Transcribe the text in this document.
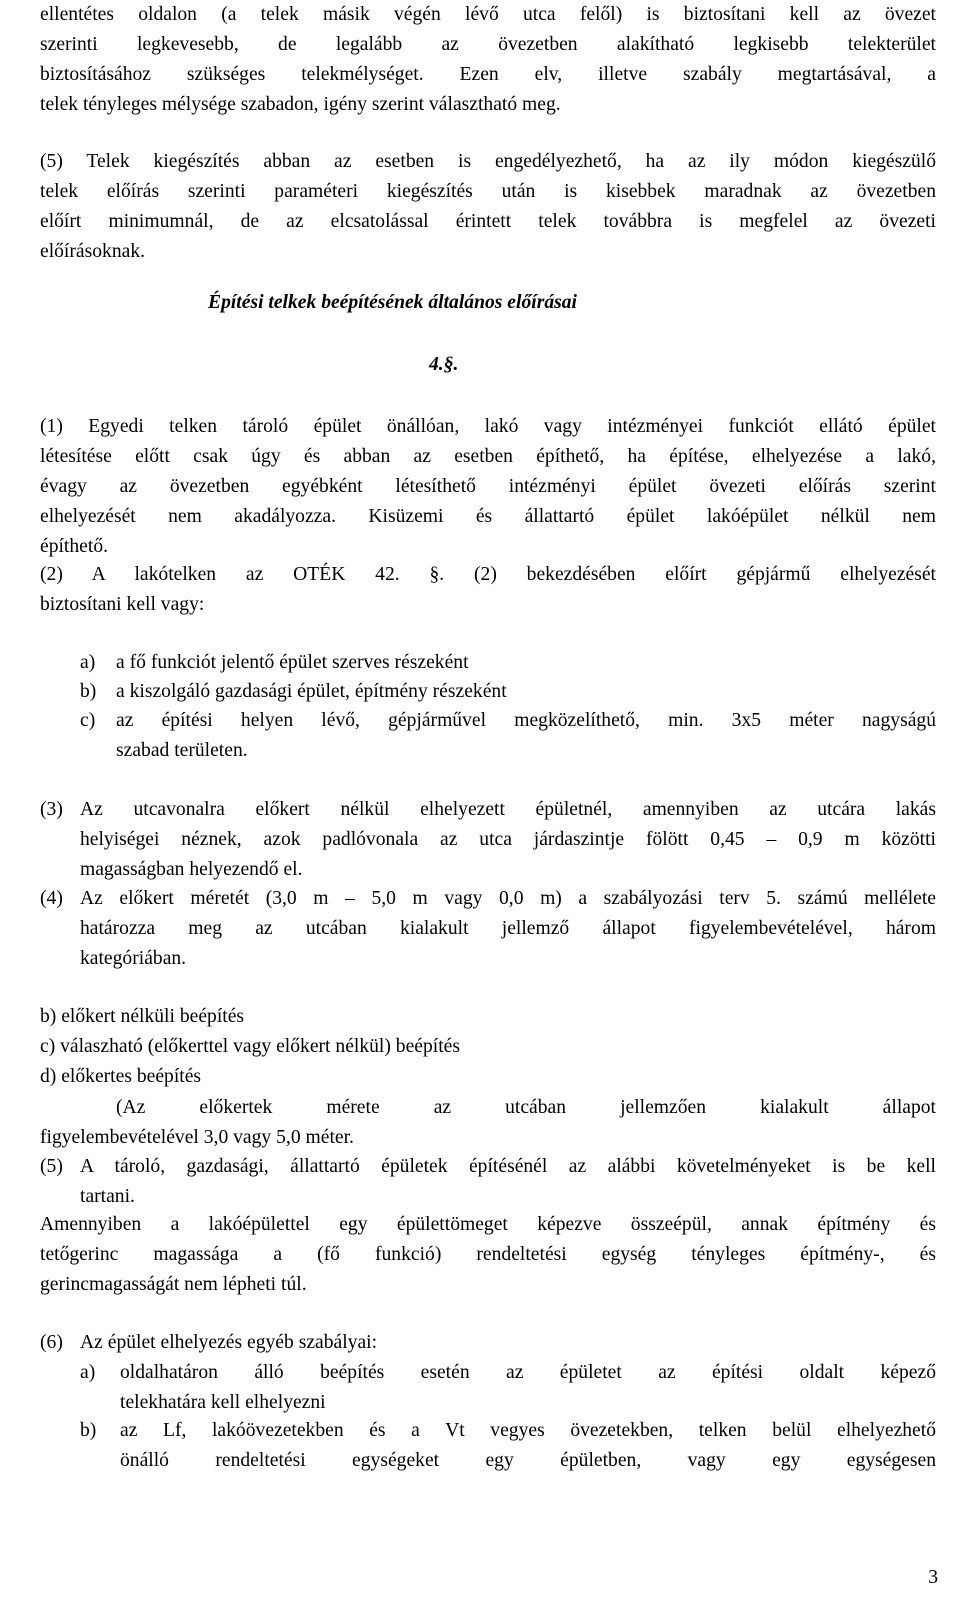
ellentétes oldalon (a telek másik végén lévő utca felől) is biztosítani kell az övezet
szerinti legkevesebb, de legalább az övezetben alakítható legkisebb telekterület
biztosításához szükséges telekmélységet. Ezen elv, illetve szabály megtartásával, a
telek tényleges mélysége szabadon, igény szerint választható meg.
(5) Telek kiegészítés abban az esetben is engedélyezhető, ha az ily módon kiegészülő
telek előírás szerinti paraméteri kiegészítés után is kisebbek maradnak az övezetben
előírt minimumnál, de az elcsatolással érintett telek továbbra is megfelel az övezeti
előírásoknak.
Építési telkek beépítésének általános előírásai
4.§.
(1) Egyedi telken tároló épület önállóan, lakó vagy intézményei funkciót ellátó épület
létesítése előtt csak úgy és abban az esetben építhető, ha építése, elhelyezése a lakó,
évagy az övezetben egyébként létesíthető intézményi épület övezeti előírás szerint
elhelyezését nem akadályozza. Kisüzemi és állattartó épület lakóépület nélkül nem
építhető.
(2) A lakótelken az OTÉK 42. §. (2) bekezdésében előírt gépjármű elhelyezését
biztosítani kell vagy:
a) a fő funkciót jelentő épület szerves részeként
b) a kiszolgáló gazdasági épület, építmény részeként
c) az építési helyen lévő, gépjárművel megközelíthető, min. 3x5 méter nagyságú
szabad területen.
(3) Az utcavonalra előkert nélkül elhelyezett épületnél, amennyiben az utcára lakás
helyiségei néznek, azok padlóvonala az utca járdaszintje fölött 0,45 – 0,9 m közötti
magasságban helyezendő el.
(4) Az előkert méretét (3,0 m – 5,0 m vagy 0,0 m) a szabályozási terv 5. számú mellélete
határozza meg az utcában kialakult jellemző állapot figyelembevételével, három
kategóriában.
b) előkert nélküli beépítés
c) válaszható (előkerttel vagy előkert nélkül) beépítés
d) előkertes beépítés
(Az előkertek mérete az utcában jellemzően kialakult állapot
figyelembevételével 3,0 vagy 5,0 méter.
(5) A tároló, gazdasági, állattartó épületek építésénél az alábbi követelményeket is be kell
tartani.
Amennyiben a lakóépülettel egy épülettömeget képezve összeépül, annak építmény és
tetőgerinc magassága a (fő funkció) rendeltetési egység tényleges építmény-, és
gerincmagasságát nem lépheti túl.
(6) Az épület elhelyezés egyéb szabályai:
a) oldalhatáron álló beépítés esetén az épületet az építési oldalt képező
telekhatára kell elhelyezni
b) az Lf, lakóövezetekben és a Vt vegyes övezetekben, telken belül elhelyezhető
önálló rendeltetési egységeket egy épületben, vagy egy egységesen
3
